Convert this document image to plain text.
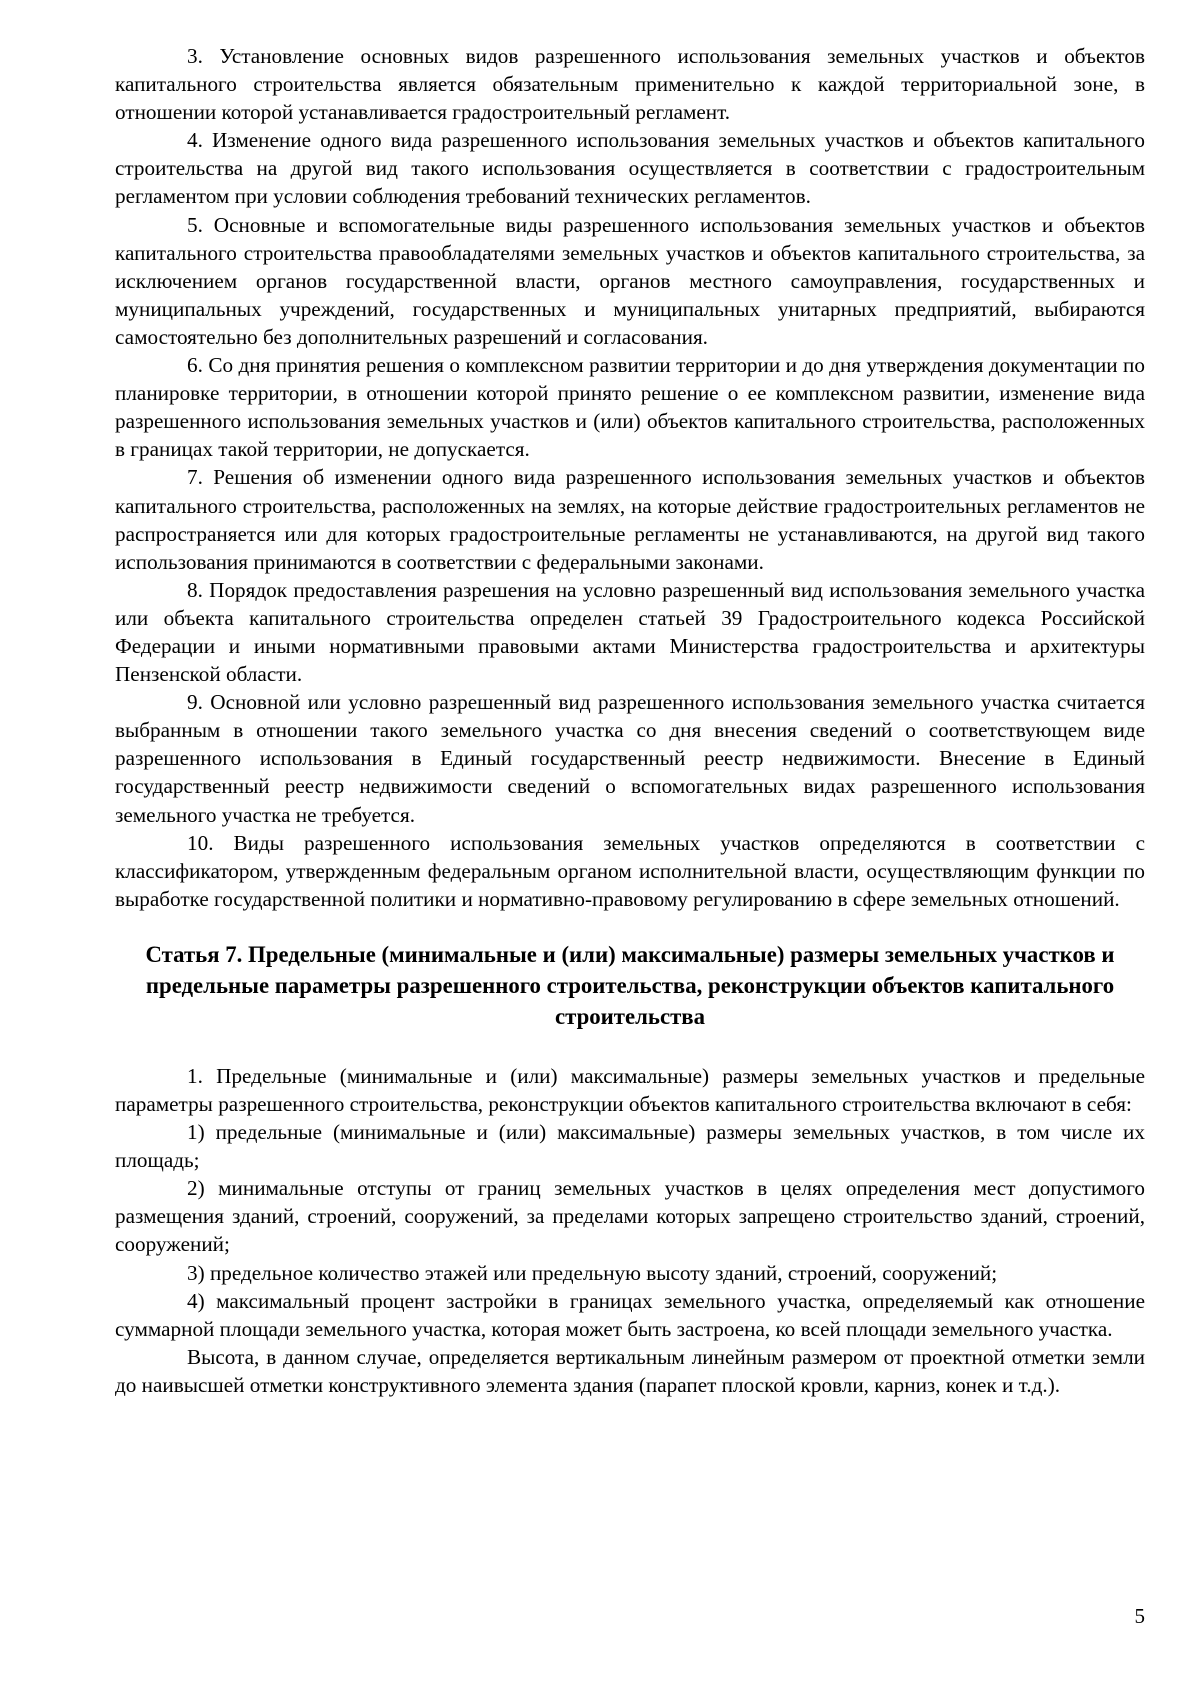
3. Установление основных видов разрешенного использования земельных участков и объектов капитального строительства является обязательным применительно к каждой территориальной зоне, в отношении которой устанавливается градостроительный регламент.

4. Изменение одного вида разрешенного использования земельных участков и объектов капитального строительства на другой вид такого использования осуществляется в соответствии с градостроительным регламентом при условии соблюдения требований технических регламентов.

5. Основные и вспомогательные виды разрешенного использования земельных участков и объектов капитального строительства правообладателями земельных участков и объектов капитального строительства, за исключением органов государственной власти, органов местного самоуправления, государственных и муниципальных учреждений, государственных и муниципальных унитарных предприятий, выбираются самостоятельно без дополнительных разрешений и согласования.

6. Со дня принятия решения о комплексном развитии территории и до дня утверждения документации по планировке территории, в отношении которой принято решение о ее комплексном развитии, изменение вида разрешенного использования земельных участков и (или) объектов капитального строительства, расположенных в границах такой территории, не допускается.

7. Решения об изменении одного вида разрешенного использования земельных участков и объектов капитального строительства, расположенных на землях, на которые действие градостроительных регламентов не распространяется или для которых градостроительные регламенты не устанавливаются, на другой вид такого использования принимаются в соответствии с федеральными законами.

8. Порядок предоставления разрешения на условно разрешенный вид использования земельного участка или объекта капитального строительства определен статьей 39 Градостроительного кодекса Российской Федерации и иными нормативными правовыми актами Министерства градостроительства и архитектуры Пензенской области.

9. Основной или условно разрешенный вид разрешенного использования земельного участка считается выбранным в отношении такого земельного участка со дня внесения сведений о соответствующем виде разрешенного использования в Единый государственный реестр недвижимости. Внесение в Единый государственный реестр недвижимости сведений о вспомогательных видах разрешенного использования земельного участка не требуется.

10. Виды разрешенного использования земельных участков определяются в соответствии с классификатором, утвержденным федеральным органом исполнительной власти, осуществляющим функции по выработке государственной политики и нормативно-правовому регулированию в сфере земельных отношений.

Статья 7. Предельные (минимальные и (или) максимальные) размеры земельных участков и предельные параметры разрешенного строительства, реконструкции объектов капитального строительства

1. Предельные (минимальные и (или) максимальные) размеры земельных участков и предельные параметры разрешенного строительства, реконструкции объектов капитального строительства включают в себя:

1) предельные (минимальные и (или) максимальные) размеры земельных участков, в том числе их площадь;

2) минимальные отступы от границ земельных участков в целях определения мест допустимого размещения зданий, строений, сооружений, за пределами которых запрещено строительство зданий, строений, сооружений;

3) предельное количество этажей или предельную высоту зданий, строений, сооружений;

4) максимальный процент застройки в границах земельного участка, определяемый как отношение суммарной площади земельного участка, которая может быть застроена, ко всей площади земельного участка.

Высота, в данном случае, определяется вертикальным линейным размером от проектной отметки земли до наивысшей отметки конструктивного элемента здания (парапет плоской кровли, карниз, конек и т.д.).

5
